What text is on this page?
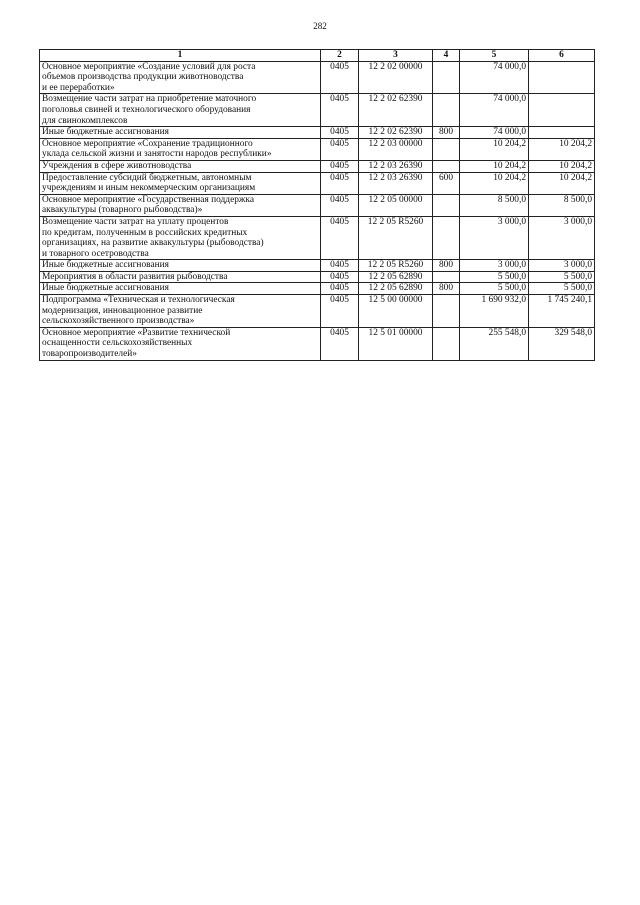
282
1	2	3	4	5	6

Основное мероприятие «Создание условий для роста
объемов производства продукции животноводства
и ее переработки»	0405	12 2 02 00000		74 000,0	

Возмещение части затрат на приобретение маточного
поголовья свиней и технологического оборудования
для свинокомплексов	0405	12 2 02 62390		74 000,0	

Иные бюджетные ассигнования	0405	12 2 02 62390	800	74 000,0	

Основное мероприятие «Сохранение традиционного
уклада сельской жизни и занятости народов республики»	0405	12 2 03 00000		10 204,2	10 204,2

Учреждения в сфере животноводства	0405	12 2 03 26390		10 204,2	10 204,2

Предоставление субсидий бюджетным, автономным
учреждениям и иным некоммерческим организациям	0405	12 2 03 26390	600	10 204,2	10 204,2

Основное мероприятие «Государственная поддержка
аквакультуры (товарного рыбоводства)»	0405	12 2 05 00000		8 500,0	8 500,0

Возмещение части затрат на уплату процентов
по кредитам, полученным в российских кредитных
организациях, на развитие аквакультуры (рыбоводства)
и товарного осетроводства	0405	12 2 05 R5260		3 000,0	3 000,0

Иные бюджетные ассигнования	0405	12 2 05 R5260	800	3 000,0	3 000,0

Мероприятия в области развития рыбоводства	0405	12 2 05 62890		5 500,0	5 500,0

Иные бюджетные ассигнования	0405	12 2 05 62890	800	5 500,0	5 500,0

Подпрограмма «Техническая и технологическая
модернизация, инновационное развитие
сельскохозяйственного производства»	0405	12 5 00 00000		1 690 932,0	1 745 240,1

Основное мероприятие «Развитие технической
оснащенности сельскохозяйственных
товаропроизводителей»	0405	12 5 01 00000		255 548,0	329 548,0
